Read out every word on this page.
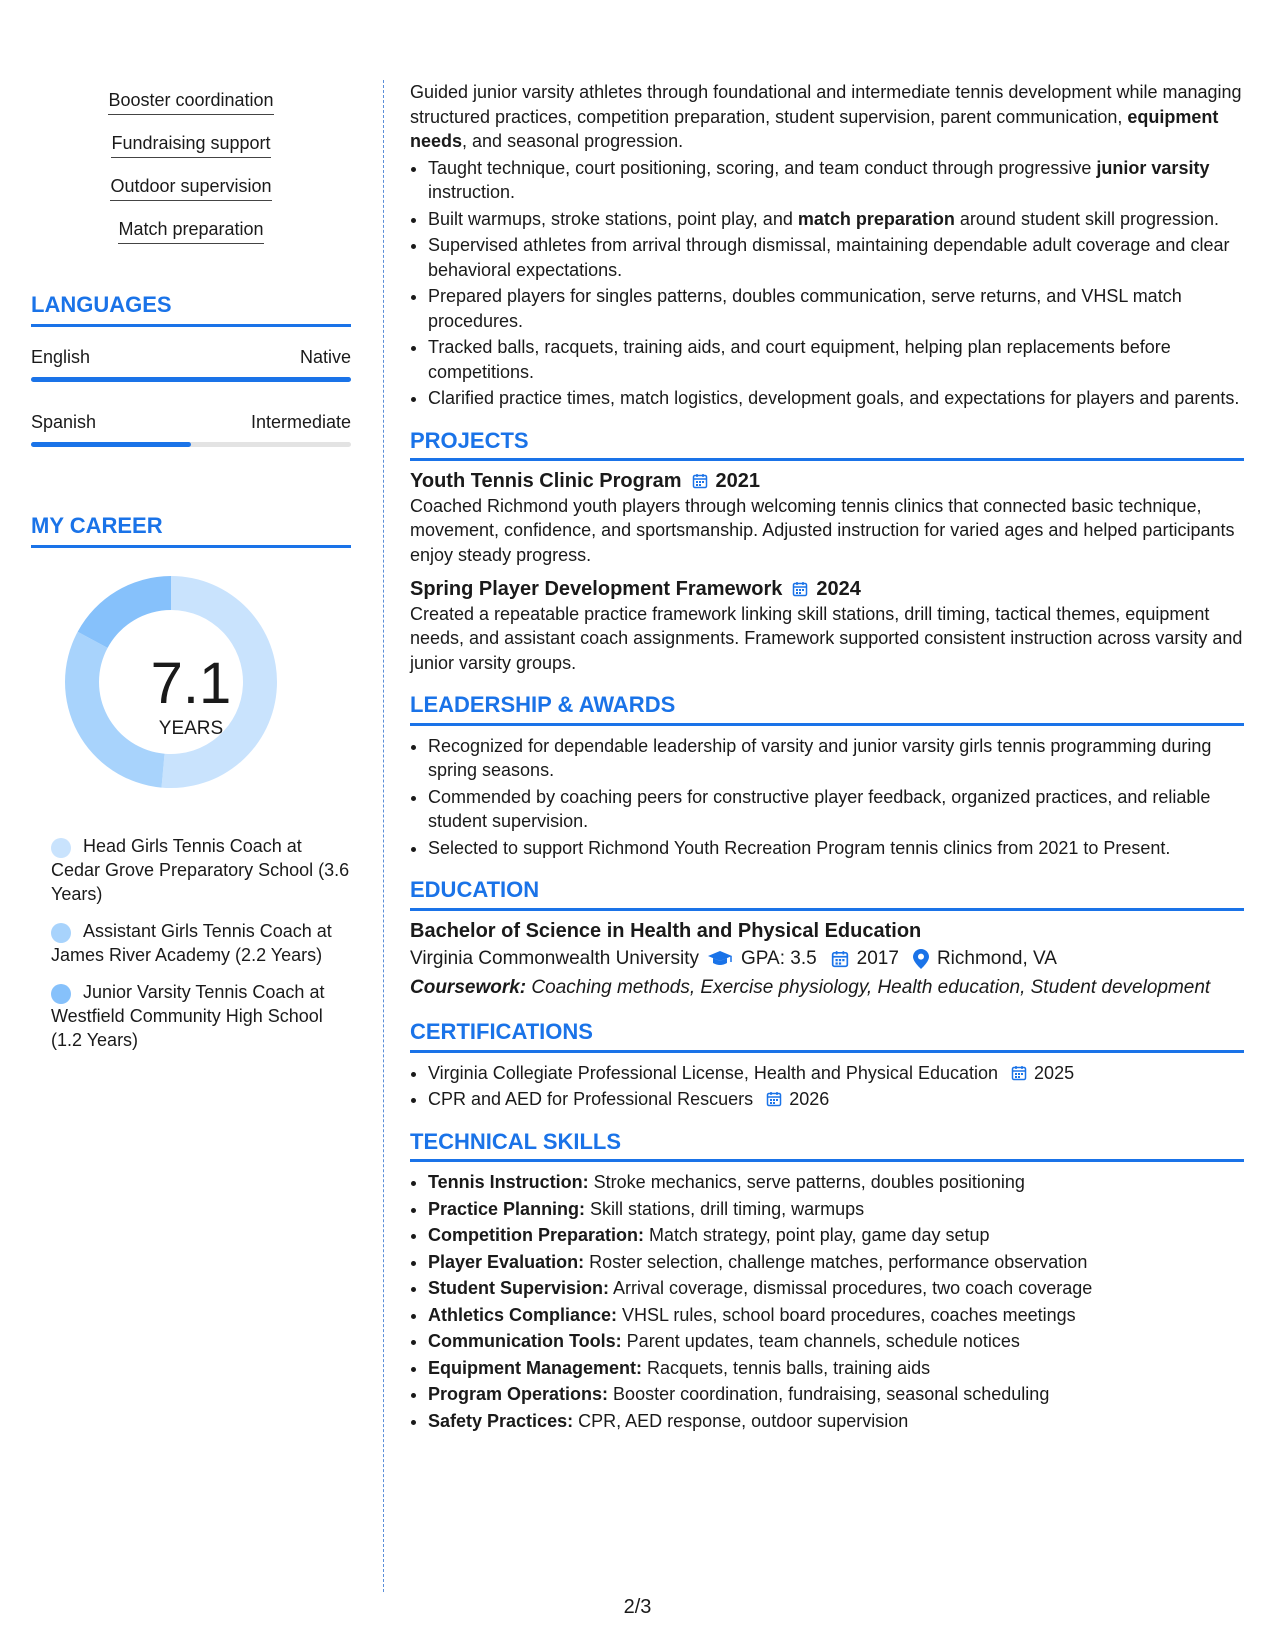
Booster coordination
Fundraising support
Outdoor supervision
Match preparation
LANGUAGES
English	Native
Spanish	Intermediate
MY CAREER
7.1
YEARS
Head Girls Tennis Coach at Cedar Grove Preparatory School (3.6 Years)
Assistant Girls Tennis Coach at James River Academy (2.2 Years)
Junior Varsity Tennis Coach at Westfield Community High School (1.2 Years)

Guided junior varsity athletes through foundational and intermediate tennis development while managing structured practices, competition preparation, student supervision, parent communication, equipment needs, and seasonal progression.

• Taught technique, court positioning, scoring, and team conduct through progressive junior varsity instruction.
• Built warmups, stroke stations, point play, and match preparation around student skill progression.
• Supervised athletes from arrival through dismissal, maintaining dependable adult coverage and clear behavioral expectations.
• Prepared players for singles patterns, doubles communication, serve returns, and VHSL match procedures.
• Tracked balls, racquets, training aids, and court equipment, helping plan replacements before competitions.
• Clarified practice times, match logistics, development goals, and expectations for players and parents.
PROJECTS
Youth Tennis Clinic Program 2021

Coached Richmond youth players through welcoming tennis clinics that connected basic technique, movement, confidence, and sportsmanship. Adjusted instruction for varied ages and helped participants enjoy steady progress.

Spring Player Development Framework 2024

Created a repeatable practice framework linking skill stations, drill timing, tactical themes, equipment needs, and assistant coach assignments. Framework supported consistent instruction across varsity and junior varsity groups.

LEADERSHIP & AWARDS
• Recognized for dependable leadership of varsity and junior varsity girls tennis programming during spring seasons.
• Commended by coaching peers for constructive player feedback, organized practices, and reliable student supervision.
• Selected to support Richmond Youth Recreation Program tennis clinics from 2021 to Present.
EDUCATION
Bachelor of Science in Health and Physical Education
Virginia Commonwealth University GPA: 3.5 2017 Richmond, VA

Coursework: Coaching methods, Exercise physiology, Health education, Student development

CERTIFICATIONS
• Virginia Collegiate Professional License, Health and Physical Education 2025
• CPR and AED for Professional Rescuers 2026
TECHNICAL SKILLS
• Tennis Instruction: Stroke mechanics, serve patterns, doubles positioning
• Practice Planning: Skill stations, drill timing, warmups
• Competition Preparation: Match strategy, point play, game day setup
• Player Evaluation: Roster selection, challenge matches, performance observation
• Student Supervision: Arrival coverage, dismissal procedures, two coach coverage
• Athletics Compliance: VHSL rules, school board procedures, coaches meetings
• Communication Tools: Parent updates, team channels, schedule notices
• Equipment Management: Racquets, tennis balls, training aids
• Program Operations: Booster coordination, fundraising, seasonal scheduling
• Safety Practices: CPR, AED response, outdoor supervision
2/3
